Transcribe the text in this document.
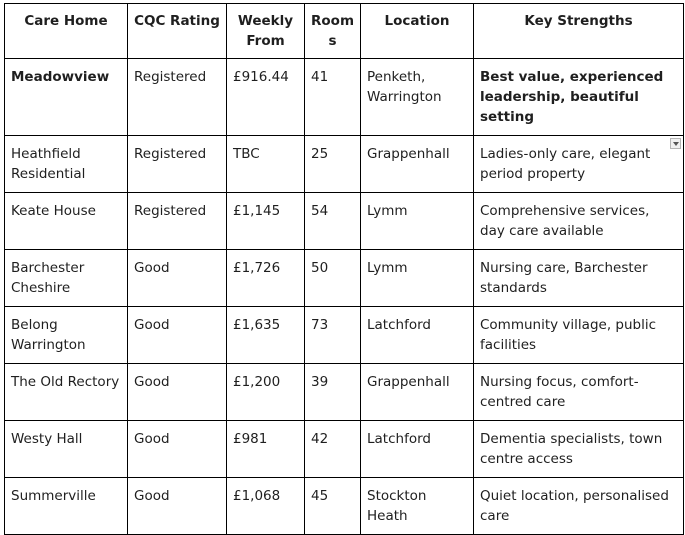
Care Home	CQC Rating	Weekly From	Room s	Location	Key Strengths
Meadowview	Registered	£916.44	41	Penketh, Warrington	Best value, experienced leadership, beautiful setting
Heathfield Residential	Registered	TBC	25	Grappenhall	Ladies-only care, elegant period property

Keate House	Registered	£1,145	54	Lymm	Comprehensive services, day care available
Barchester Cheshire	Good	£1,726	50	Lymm	Nursing care, Barchester standards
Belong Warrington	Good	£1,635	73	Latchford	Community village, public facilities
The Old Rectory	Good	£1,200	39	Grappenhall	Nursing focus, comfort-centred care
Westy Hall	Good	£981	42	Latchford	Dementia specialists, town centre access
Summerville	Good	£1,068	45	Stockton Heath	Quiet location, personalised care
